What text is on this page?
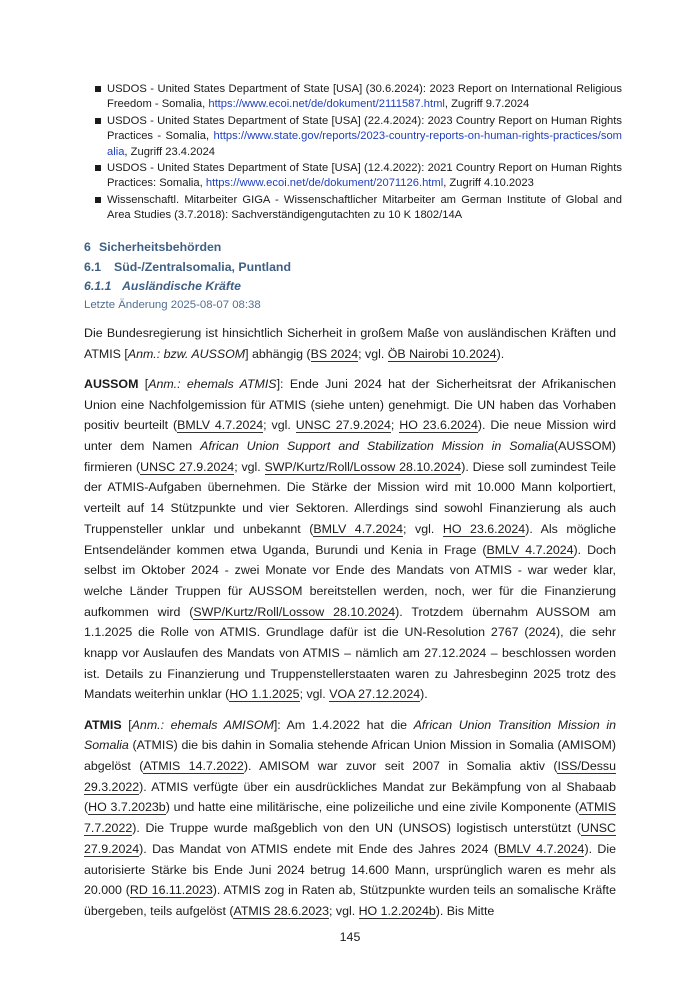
USDOS - United States Department of State [USA] (30.6.2024): 2023 Report on International Religious Freedom - Somalia, https://www.ecoi.net/de/dokument/2111587.html, Zugriff 9.7.2024
USDOS - United States Department of State [USA] (22.4.2024): 2023 Country Report on Human Rights Practices - Somalia, https://www.state.gov/reports/2023-country-reports-on-human-rights-practices/somalia, Zugriff 23.4.2024
USDOS - United States Department of State [USA] (12.4.2022): 2021 Country Report on Human Rights Practices: Somalia, https://www.ecoi.net/de/dokument/2071126.html, Zugriff 4.10.2023
Wissenschaftl. Mitarbeiter GIGA - Wissenschaftlicher Mitarbeiter am German Institute of Global and Area Studies (3.7.2018): Sachverständigengutachten zu 10 K 1802/14A
6 Sicherheitsbehörden
6.1 Süd-/Zentralsomalia, Puntland
6.1.1 Ausländische Kräfte
Letzte Änderung 2025-08-07 08:38

Die Bundesregierung ist hinsichtlich Sicherheit in großem Maße von ausländischen Kräften und ATMIS [Anm.: bzw. AUSSOM] abhängig (BS 2024; vgl. ÖB Nairobi 10.2024).

AUSSOM [Anm.: ehemals ATMIS]: Ende Juni 2024 hat der Sicherheitsrat der Afrikanischen Union eine Nachfolgemission für ATMIS (siehe unten) genehmigt. Die UN haben das Vorhaben positiv beurteilt (BMLV 4.7.2024; vgl. UNSC 27.9.2024; HO 23.6.2024). Die neue Mission wird unter dem Namen African Union Support and Stabilization Mission in Somalia(AUSSOM) firmieren (UNSC 27.9.2024; vgl. SWP/Kurtz/Roll/Lossow 28.10.2024). Diese soll zumindest Teile der ATMIS-Aufgaben übernehmen. Die Stärke der Mission wird mit 10.000 Mann kolportiert, verteilt auf 14 Stützpunkte und vier Sektoren. Allerdings sind sowohl Finanzierung als auch Truppensteller unklar und unbekannt (BMLV 4.7.2024; vgl. HO 23.6.2024). Als mögliche Entsendeländer kommen etwa Uganda, Burundi und Kenia in Frage (BMLV 4.7.2024). Doch selbst im Oktober 2024 - zwei Monate vor Ende des Mandats von ATMIS - war weder klar, welche Länder Truppen für AUSSOM bereitstellen werden, noch, wer für die Finanzierung aufkommen wird (SWP/Kurtz/Roll/Lossow 28.10.2024). Trotzdem übernahm AUSSOM am 1.1.2025 die Rolle von ATMIS. Grundlage dafür ist die UN-Resolution 2767 (2024), die sehr knapp vor Auslaufen des Mandats von ATMIS – nämlich am 27.12.2024 – beschlossen worden ist. Details zu Finanzierung und Truppenstellerstaaten waren zu Jahresbeginn 2025 trotz des Mandats weiterhin unklar (HO 1.1.2025; vgl. VOA 27.12.2024).

ATMIS [Anm.: ehemals AMISOM]: Am 1.4.2022 hat die African Union Transition Mission in Somalia (ATMIS) die bis dahin in Somalia stehende African Union Mission in Somalia (AMISOM) abgelöst (ATMIS 14.7.2022). AMISOM war zuvor seit 2007 in Somalia aktiv (ISS/Dessu 29.3.2022). ATMIS verfügte über ein ausdrückliches Mandat zur Bekämpfung von al Shabaab (HO 3.7.2023b) und hatte eine militärische, eine polizeiliche und eine zivile Komponente (ATMIS 7.7.2022). Die Truppe wurde maßgeblich von den UN (UNSOS) logistisch unterstützt (UNSC 27.9.2024). Das Mandat von ATMIS endete mit Ende des Jahres 2024 (BMLV 4.7.2024). Die autorisierte Stärke bis Ende Juni 2024 betrug 14.600 Mann, ursprünglich waren es mehr als 20.000 (RD 16.11.2023). ATMIS zog in Raten ab, Stützpunkte wurden teils an somalische Kräfte übergeben, teils aufgelöst (ATMIS 28.6.2023; vgl. HO 1.2.2024b). Bis Mitte

145
